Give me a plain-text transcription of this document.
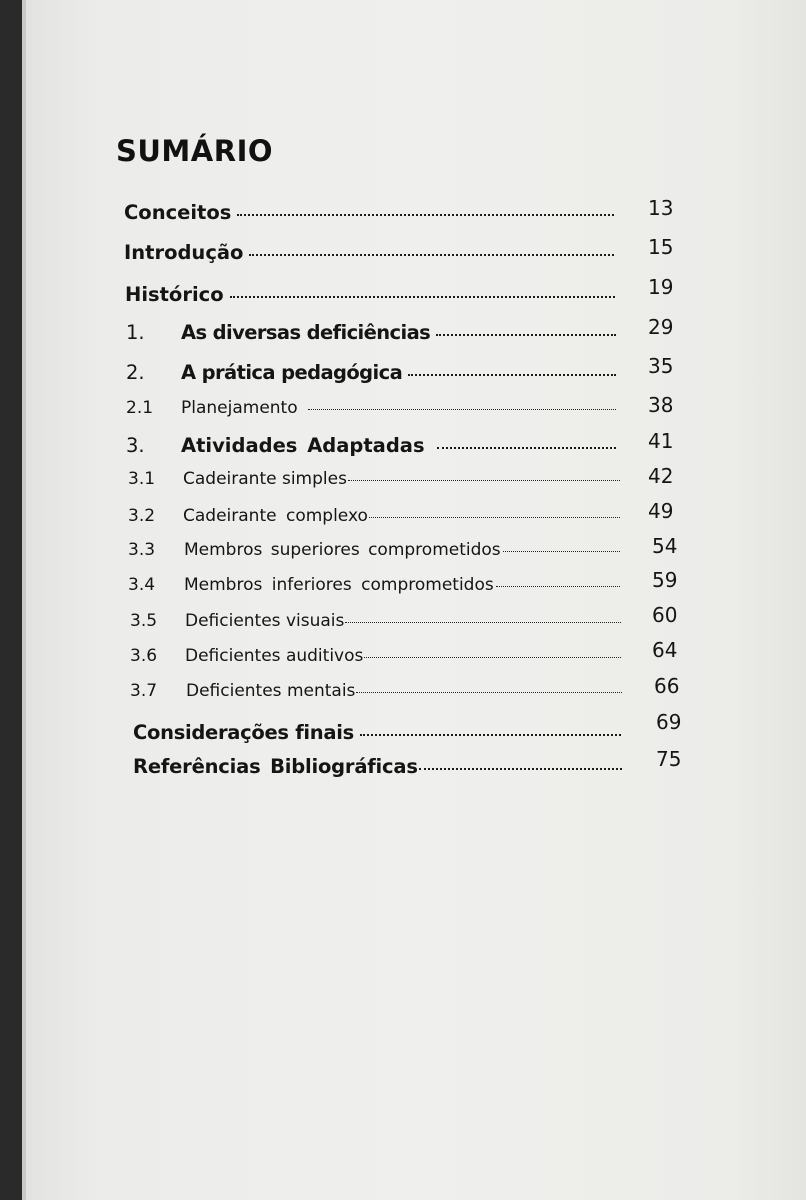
SUMÁRIO
Conceitos	13
Introdução	15
Histórico	19
1.	As diversas deficiências	29
2.	A prática pedagógica	35
2.1	Planejamento	38
3.	Atividades Adaptadas	41
3.1	Cadeirante simples	42
3.2	Cadeirante complexo	49
3.3	Membros superiores comprometidos	54
3.4	Membros inferiores comprometidos	59
3.5	Deficientes visuais	60
3.6	Deficientes auditivos	64
3.7	Deficientes mentais	66
Considerações finais	69
Referências Bibliográficas	75
